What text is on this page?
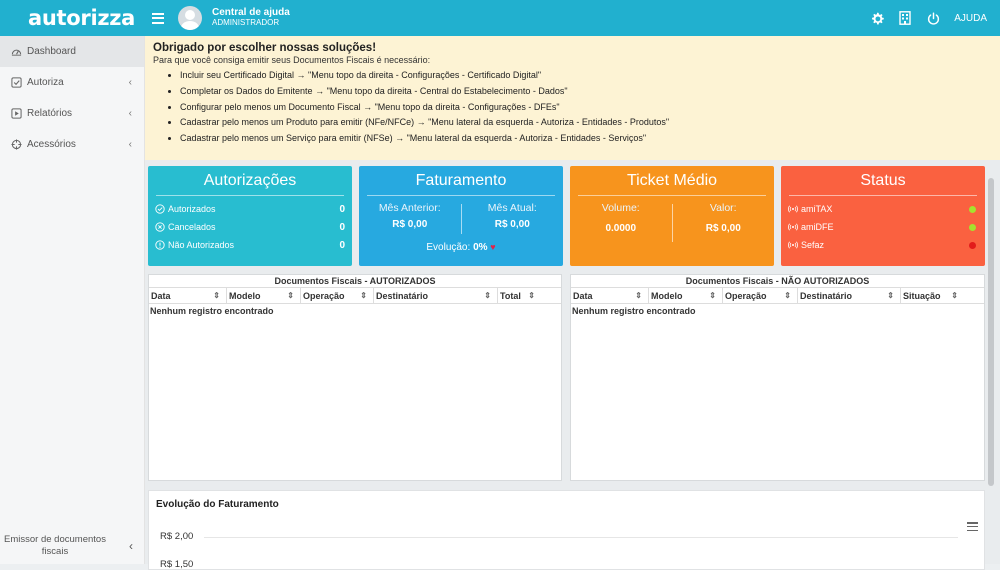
autorizza	Central de ajuda
ADMINISTRADOR	AJUDA
Dashboard
Autoriza	‹
Relatórios	‹
Acessórios	‹
Emissor de documentos fiscais	‹
Obrigado por escolher nossas soluções!
Para que você consiga emitir seus Documentos Fiscais é necessário:
• Incluir seu Certificado Digital → "Menu topo da direita - Configurações - Certificado Digital"
• Completar os Dados do Emitente → "Menu topo da direita - Central do Estabelecimento - Dados"
• Configurar pelo menos um Documento Fiscal → "Menu topo da direita - Configurações - DFEs"
• Cadastrar pelo menos um Produto para emitir (NFe/NFCe) → "Menu lateral da esquerda - Autoriza - Entidades - Produtos"
• Cadastrar pelo menos um Serviço para emitir (NFSe) → "Menu lateral da esquerda - Autoriza - Entidades - Serviços"
Autorizações
Autorizados	0
Cancelados	0
Não Autorizados	0
Faturamento
Mês Anterior:
R$ 0,00
Mês Atual:
R$ 0,00
Evolução: 0% ♥
Ticket Médio
Volume:
0.0000
Valor:
R$ 0,00
Status
amiTAX
amiDFE
Sefaz
Documentos Fiscais - AUTORIZADOS
Data	⇕ Modelo	⇕ Operação ⇕ Destinatário	⇕ Total ⇕
Nenhum registro encontrado
Documentos Fiscais - NÃO AUTORIZADOS
Data	⇕ Modelo	⇕ Operação ⇕ Destinatário	⇕ Situação ⇕
Nenhum registro encontrado
Evolução do Faturamento
R$ 2,00
R$ 1,50
